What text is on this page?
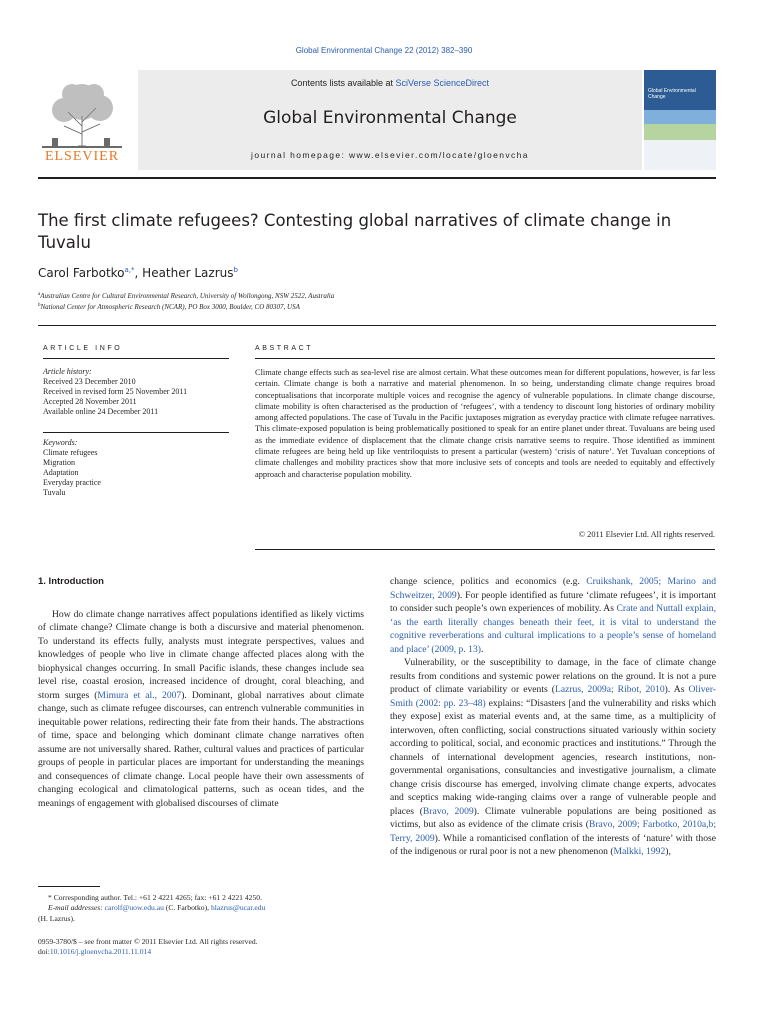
Global Environmental Change 22 (2012) 382–390
ELSEVIER
Contents lists available at SciVerse ScienceDirect
Global Environmental Change
journal homepage: www.elsevier.com/locate/gloenvcha
Global Environmental Change
The first climate refugees? Contesting global narratives of climate change in Tuvalu
Carol Farbotko$^{a,*}$, Heather Lazrus$^b$
$^a$Australian Centre for Cultural Environmental Research, University of Wollongong, NSW 2522, Australia
$^b$National Center for Atmospheric Research (NCAR), PO Box 3000, Boulder, CO 80307, USA
ARTICLE INFO	ABSTRACT
Article history:
Received 23 December 2010
Received in revised form 25 November 2011
Accepted 28 November 2011
Available online 24 December 2011
Keywords:
Climate refugees
Migration
Adaptation
Everyday practice
Tuvalu

Climate change effects such as sea-level rise are almost certain. What these outcomes mean for different populations, however, is far less certain. Climate change is both a narrative and material phenomenon. In so being, understanding climate change requires broad conceptualisations that incorporate multiple voices and recognise the agency of vulnerable populations. In climate change discourse, climate mobility is often characterised as the production of ‘refugees’, with a tendency to discount long histories of ordinary mobility among affected populations. The case of Tuvalu in the Pacific juxtaposes migration as everyday practice with climate refugee narratives. This climate-exposed population is being problematically positioned to speak for an entire planet under threat. Tuvaluans are being used as the immediate evidence of displacement that the climate change crisis narrative seems to require. Those identified as imminent climate refugees are being held up like ventriloquists to present a particular (western) ‘crisis of nature’. Yet Tuvaluan conceptions of climate challenges and mobility practices show that more inclusive sets of concepts and tools are needed to equitably and effectively approach and characterise population mobility.

© 2011 Elsevier Ltd. All rights reserved.
1. Introduction

How do climate change narratives affect populations identified as likely victims of climate change? Climate change is both a discursive and material phenomenon. To understand its effects fully, analysts must integrate perspectives, values and knowledges of people who live in climate change affected places along with the biophysical changes occurring. In small Pacific islands, these changes include sea level rise, coastal erosion, increased incidence of drought, coral bleaching, and storm surges (Mimura et al., 2007). Dominant, global narratives about climate change, such as climate refugee discourses, can entrench vulnerable communities in inequitable power relations, redirecting their fate from their hands. The abstractions of time, space and belonging which dominant climate change narratives often assume are not universally shared. Rather, cultural values and practices of particular groups of people in particular places are important for understanding the meanings and consequences of climate change. Local people have their own assessments of changing ecological and climatological patterns, such as ocean tides, and the meanings of engagement with globalised discourses of climate

change science, politics and economics (e.g. Cruikshank, 2005; Marino and Schweitzer, 2009). For people identified as future ‘climate refugees’, it is important to consider such people’s own experiences of mobility. As Crate and Nuttall explain, ‘as the earth literally changes beneath their feet, it is vital to understand the cognitive reverberations and cultural implications to a people’s sense of homeland and place’ (2009, p. 13).

Vulnerability, or the susceptibility to damage, in the face of climate change results from conditions and systemic power relations on the ground. It is not a pure product of climate variability or events (Lazrus, 2009a; Ribot, 2010). As Oliver-Smith (2002: pp. 23–48) explains: “Disasters [and the vulnerability and risks which they expose] exist as material events and, at the same time, as a multiplicity of interwoven, often conflicting, social constructions situated variously within society according to political, social, and economic practices and institutions.” Through the channels of international development agencies, research institutions, non-governmental organisations, consultancies and investigative journalism, a climate change crisis discourse has emerged, involving climate change experts, advocates and sceptics making wide-ranging claims over a range of vulnerable people and places (Bravo, 2009). Climate vulnerable populations are being positioned as victims, but also as evidence of the climate crisis (Bravo, 2009; Farbotko, 2010a,b; Terry, 2009). While a romanticised conflation of the interests of ‘nature’ with those of the indigenous or rural poor is not a new phenomenon (Malkki, 1992),

* Corresponding author. Tel.: +61 2 4221 4265; fax: +61 2 4221 4250.
E-mail addresses: carolf@uow.edu.au (C. Farbotko), hlazrus@ucar.edu
(H. Lazrus).
0959-3780/$ – see front matter © 2011 Elsevier Ltd. All rights reserved.
doi:10.1016/j.gloenvcha.2011.11.014
